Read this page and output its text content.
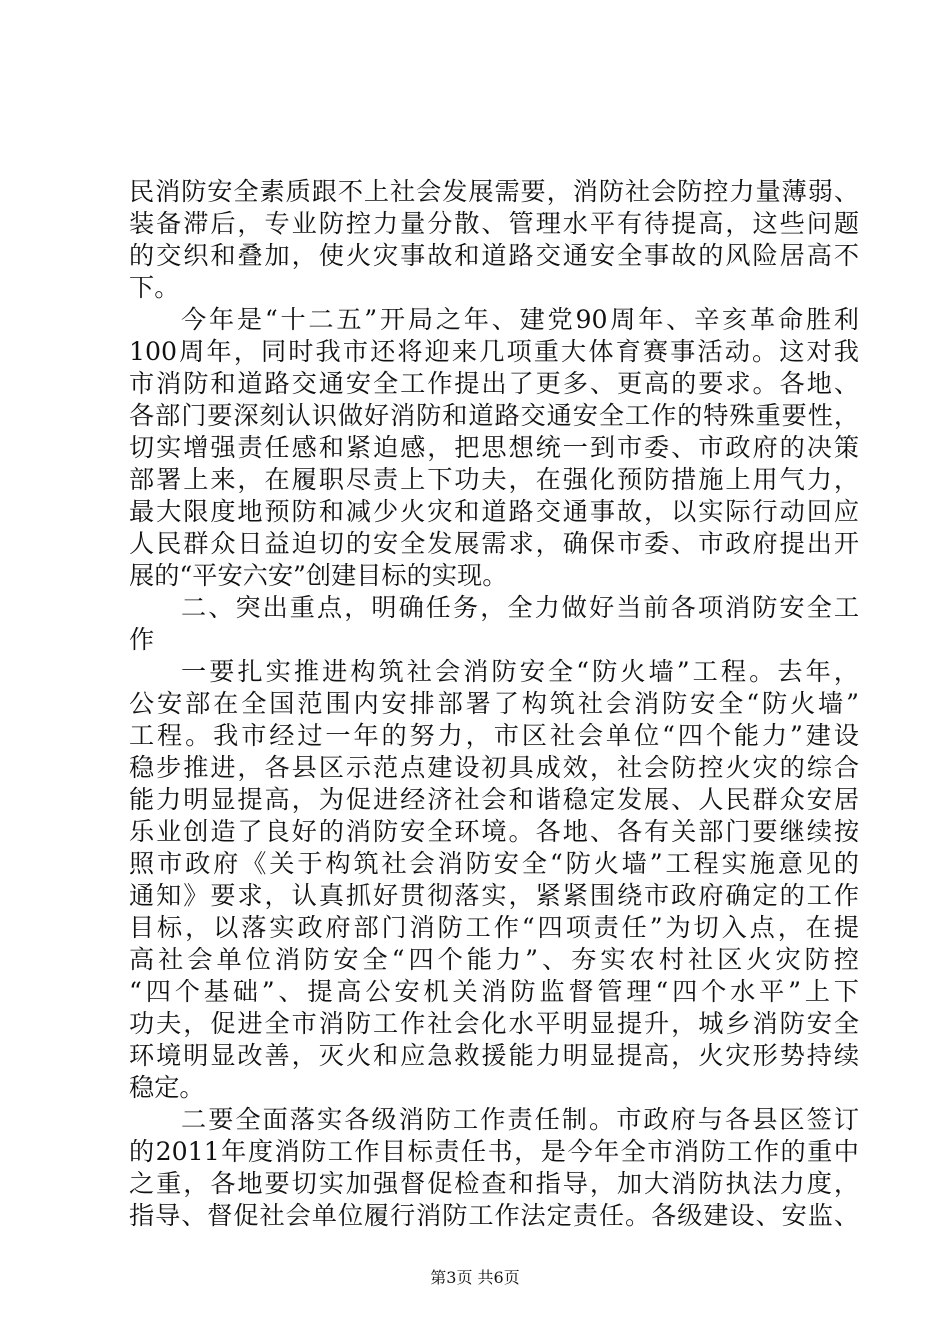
民消防安全素质跟不上社会发展需要，消防社会防控力量薄弱、
装备滞后，专业防控力量分散、管理水平有待提高，这些问题
的交织和叠加，使火灾事故和道路交通安全事故的风险居高不
下。
今年是“十二五”开局之年、建党90周年、辛亥革命胜利
100周年，同时我市还将迎来几项重大体育赛事活动。这对我
市消防和道路交通安全工作提出了更多、更高的要求。各地、
各部门要深刻认识做好消防和道路交通安全工作的特殊重要性，
切实增强责任感和紧迫感，把思想统一到市委、市政府的决策
部署上来，在履职尽责上下功夫，在强化预防措施上用气力，
最大限度地预防和减少火灾和道路交通事故，以实际行动回应
人民群众日益迫切的安全发展需求，确保市委、市政府提出开
展的“平安六安”创建目标的实现。
二、突出重点，明确任务，全力做好当前各项消防安全工
作
一要扎实推进构筑社会消防安全“防火墙”工程。去年，
公安部在全国范围内安排部署了构筑社会消防安全“防火墙”
工程。我市经过一年的努力，市区社会单位“四个能力”建设
稳步推进，各县区示范点建设初具成效，社会防控火灾的综合
能力明显提高，为促进经济社会和谐稳定发展、人民群众安居
乐业创造了良好的消防安全环境。各地、各有关部门要继续按
照市政府《关于构筑社会消防安全“防火墙”工程实施意见的
通知》要求，认真抓好贯彻落实，紧紧围绕市政府确定的工作
目标，以落实政府部门消防工作“四项责任”为切入点，在提
高社会单位消防安全“四个能力”、夯实农村社区火灾防控
“四个基础”、提高公安机关消防监督管理“四个水平”上下
功夫，促进全市消防工作社会化水平明显提升，城乡消防安全
环境明显改善，灭火和应急救援能力明显提高，火灾形势持续
稳定。
二要全面落实各级消防工作责任制。市政府与各县区签订
的2011年度消防工作目标责任书，是今年全市消防工作的重中
之重，各地要切实加强督促检查和指导，加大消防执法力度，
指导、督促社会单位履行消防工作法定责任。各级建设、安监、
第3页 共6页
